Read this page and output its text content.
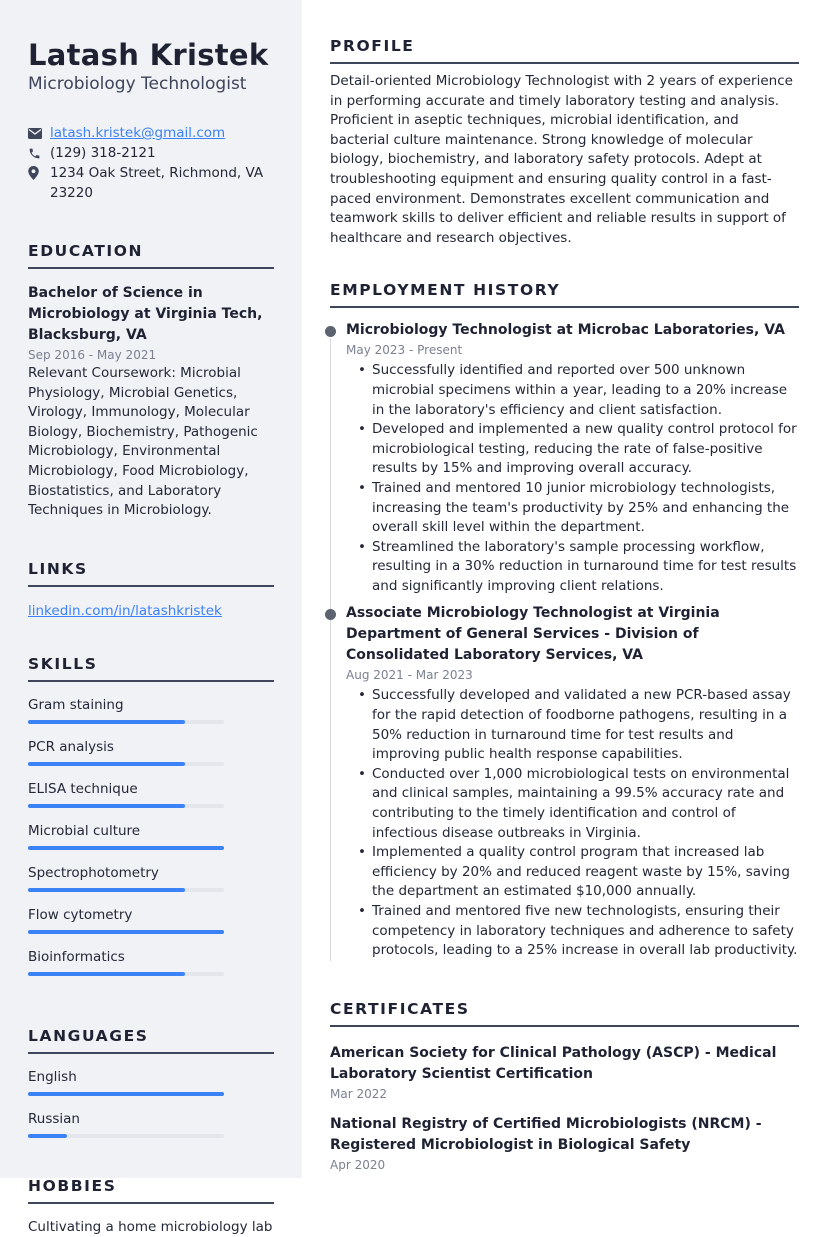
Latash Kristek
Microbiology Technologist
latash.kristek@gmail.com
(129) 318-2121
1234 Oak Street, Richmond, VA 23220
EDUCATION
Bachelor of Science in Microbiology at Virginia Tech, Blacksburg, VA
Sep 2016 - May 2021
Relevant Coursework: Microbial Physiology, Microbial Genetics, Virology, Immunology, Molecular Biology, Biochemistry, Pathogenic Microbiology, Environmental Microbiology, Food Microbiology, Biostatistics, and Laboratory Techniques in Microbiology.
LINKS
linkedin.com/in/latashkristek
SKILLS
Gram staining
PCR analysis
ELISA technique
Microbial culture
Spectrophotometry
Flow cytometry
Bioinformatics
LANGUAGES
English
Russian
HOBBIES
Cultivating a home microbiology lab
PROFILE
Detail-oriented Microbiology Technologist with 2 years of experience in performing accurate and timely laboratory testing and analysis. Proficient in aseptic techniques, microbial identification, and bacterial culture maintenance. Strong knowledge of molecular biology, biochemistry, and laboratory safety protocols. Adept at troubleshooting equipment and ensuring quality control in a fast-paced environment. Demonstrates excellent communication and teamwork skills to deliver efficient and reliable results in support of healthcare and research objectives.
EMPLOYMENT HISTORY
Microbiology Technologist at Microbac Laboratories, VA
May 2023 - Present
• Successfully identified and reported over 500 unknown microbial specimens within a year, leading to a 20% increase in the laboratory's efficiency and client satisfaction.
• Developed and implemented a new quality control protocol for microbiological testing, reducing the rate of false-positive results by 15% and improving overall accuracy.
• Trained and mentored 10 junior microbiology technologists, increasing the team's productivity by 25% and enhancing the overall skill level within the department.
• Streamlined the laboratory's sample processing workflow, resulting in a 30% reduction in turnaround time for test results and significantly improving client relations.
Associate Microbiology Technologist at Virginia Department of General Services - Division of Consolidated Laboratory Services, VA
Aug 2021 - Mar 2023
• Successfully developed and validated a new PCR-based assay for the rapid detection of foodborne pathogens, resulting in a 50% reduction in turnaround time for test results and improving public health response capabilities.
• Conducted over 1,000 microbiological tests on environmental and clinical samples, maintaining a 99.5% accuracy rate and contributing to the timely identification and control of infectious disease outbreaks in Virginia.
• Implemented a quality control program that increased lab efficiency by 20% and reduced reagent waste by 15%, saving the department an estimated $10,000 annually.
• Trained and mentored five new technologists, ensuring their competency in laboratory techniques and adherence to safety protocols, leading to a 25% increase in overall lab productivity.
CERTIFICATES
American Society for Clinical Pathology (ASCP) - Medical Laboratory Scientist Certification
Mar 2022
National Registry of Certified Microbiologists (NRCM) - Registered Microbiologist in Biological Safety
Apr 2020
